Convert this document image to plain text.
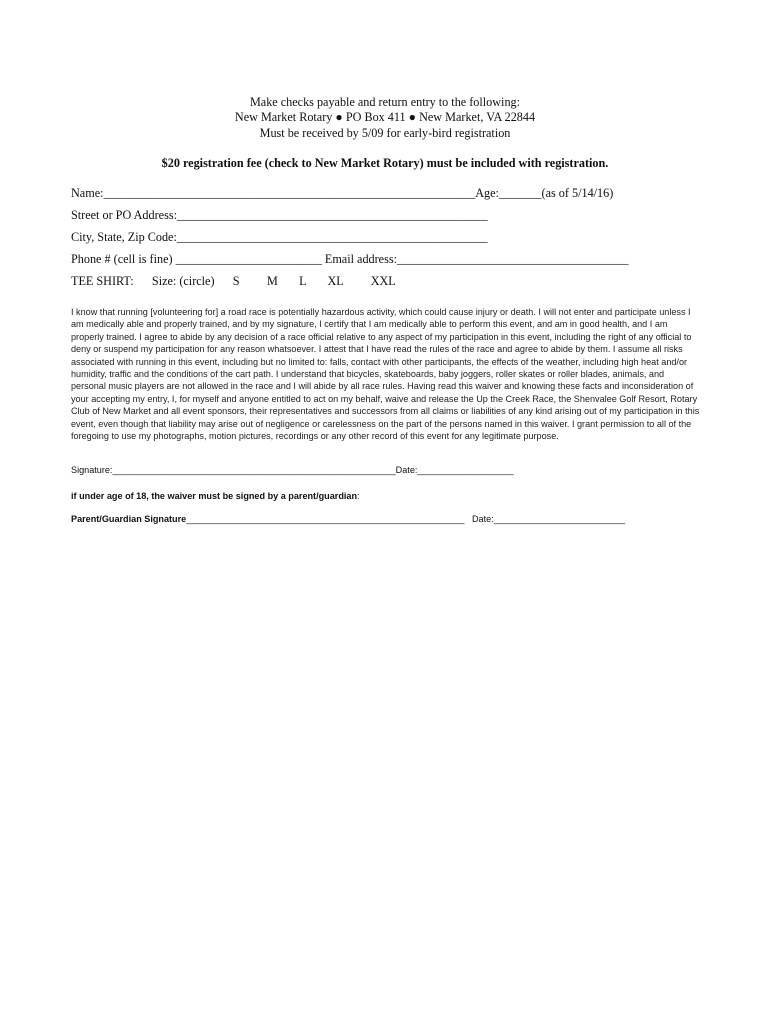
Make checks payable and return entry to the following:
New Market Rotary ● PO Box 411 ● New Market, VA 22844
Must be received by 5/09 for early-bird registration
$20 registration fee (check to New Market Rotary) must be included with registration.
Name:_____________________________________________________________Age:_______(as of 5/14/16)
Street or PO Address:___________________________________________________
City, State, Zip Code:___________________________________________________
Phone # (cell is fine) ________________________ Email address:______________________________________
TEE SHIRT:      Size: (circle)      S         M       L       XL         XXL
I know that running [volunteering for] a road race is potentially hazardous activity, which could cause injury or death. I will not enter and participate unless I am medically able and properly trained, and by my signature, I certify that I am medically able to perform this event, and am in good health, and I am properly trained. I agree to abide by any decision of a race official relative to any aspect of my participation in this event, including the right of any official to deny or suspend my participation for any reason whatsoever. I attest that I have read the rules of the race and agree to abide by them. I assume all risks associated with running in this event, including but no limited to: falls, contact with other participants, the effects of the weather, including high heat and/or humidity, traffic and the conditions of the cart path. I understand that bicycles, skateboards, baby joggers, roller skates or roller blades, animals, and personal music players are not allowed in the race and I will abide by all race rules. Having read this waiver and knowing these facts and inconsideration of your accepting my entry, I, for myself and anyone entitled to act on my behalf, waive and release the Up the Creek Race, the Shenvalee Golf Resort, Rotary Club of New Market and all event sponsors, their representatives and successors from all claims or liabilities of any kind arising out of my participation in this event, even though that liability may arise out of negligence or carelessness on the part of the persons named in this waiver. I grant permission to all of the foregoing to use my photographs, motion pictures, recordings or any other record of this event for any legitimate purpose.
Signature:________________________________________________________Date:___________________
if under age of 18, the waiver must be signed by a parent/guardian:
Parent/Guardian Signature_______________________________________________________   Date:__________________________
